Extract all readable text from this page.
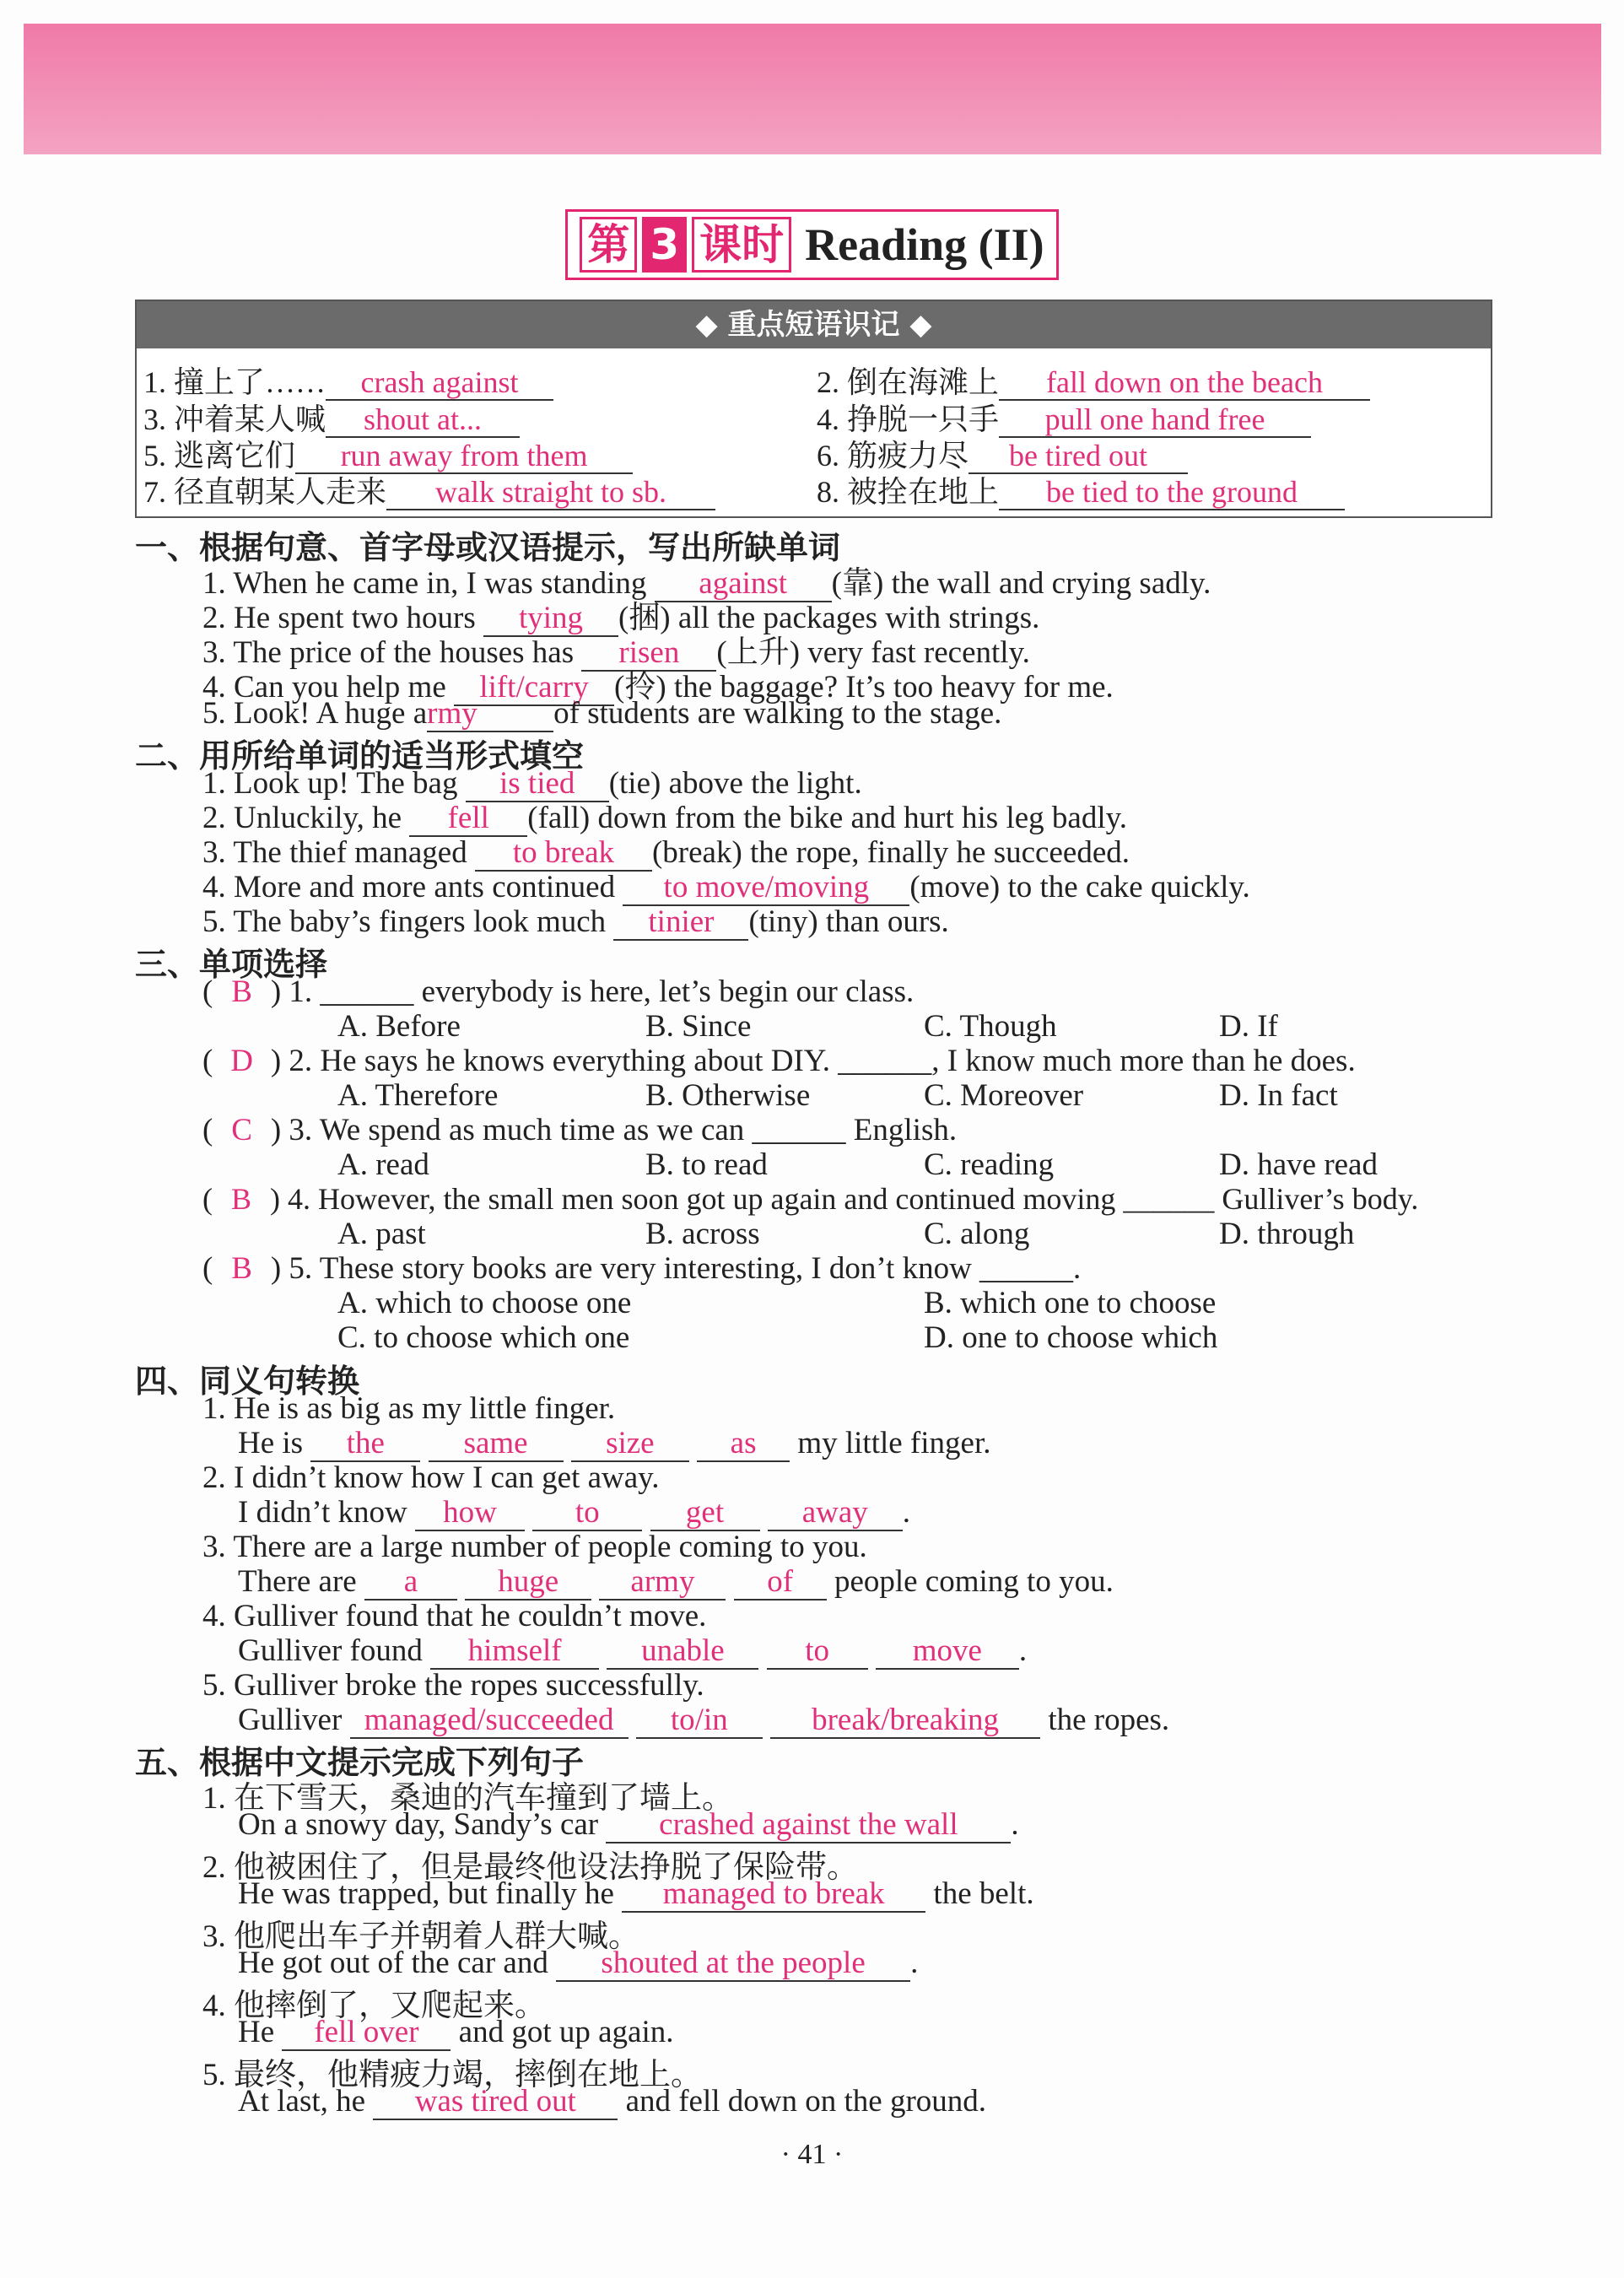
第 3 课时 Reading (II)
◆ 重点短语识记 ◆
1. 撞上了…… crash against	2. 倒在海滩上 fall down on the beach
3. 冲着某人喊 shout at...	4. 挣脱一只手 pull one hand free
5. 逃离它们 run away from them	6. 筋疲力尽 be tired out
7. 径直朝某人走来 walk straight to sb.	8. 被拴在地上 be tied to the ground
一、根据句意、首字母或汉语提示，写出所缺单词
1. When he came in, I was standing against (靠) the wall and crying sadly.
2. He spent two hours tying (捆) all the packages with strings.
3. The price of the houses has risen (上升) very fast recently.
4. Can you help me lift/carry (拎) the baggage? It’s too heavy for me.
5. Look! A huge army of students are walking to the stage.
二、用所给单词的适当形式填空
1. Look up! The bag is tied (tie) above the light.
2. Unluckily, he fell (fall) down from the bike and hurt his leg badly.
3. The thief managed to break (break) the rope, finally he succeeded.
4. More and more ants continued to move/moving (move) to the cake quickly.
5. The baby’s fingers look much tinier (tiny) than ours.
三、单项选择
( B ) 1. ______ everybody is here, let’s begin our class.
A. Before	B. Since	C. Though	D. If
( D ) 2. He says he knows everything about DIY. ______, I know much more than he does.
A. Therefore	B. Otherwise	C. Moreover	D. In fact
( C ) 3. We spend as much time as we can ______ English.
A. read	B. to read	C. reading	D. have read
( B ) 4. However, the small men soon got up again and continued moving ______ Gulliver’s body.
A. past	B. across	C. along	D. through
( B ) 5. These story books are very interesting, I don’t know ______.
A. which to choose one	B. which one to choose
C. to choose which one	D. one to choose which
四、同义句转换
1. He is as big as my little finger.
He is the	same size as my little finger.
2. I didn’t know how I can get away.
I didn’t know how	to	get	away .
3. There are a large number of people coming to you.
There are a	huge army of people coming to you.
4. Gulliver found that he couldn’t move.
Gulliver found himself	unable	to	move .
5. Gulliver broke the ropes successfully.
Gulliver managed/succeeded to/in	break/breaking the ropes.
五、根据中文提示完成下列句子
1. 在下雪天，桑迪的汽车撞到了墙上。
On a snowy day, Sandy’s car crashed against the wall .
2. 他被困住了，但是最终他设法挣脱了保险带。
He was trapped, but finally he managed to break the belt.
3. 他爬出车子并朝着人群大喊。
He got out of the car and shouted at the people .
4. 他摔倒了，又爬起来。
He fell over and got up again.
5. 最终，他精疲力竭，摔倒在地上。
At last, he was tired out and fell down on the ground.
· 41 ·
